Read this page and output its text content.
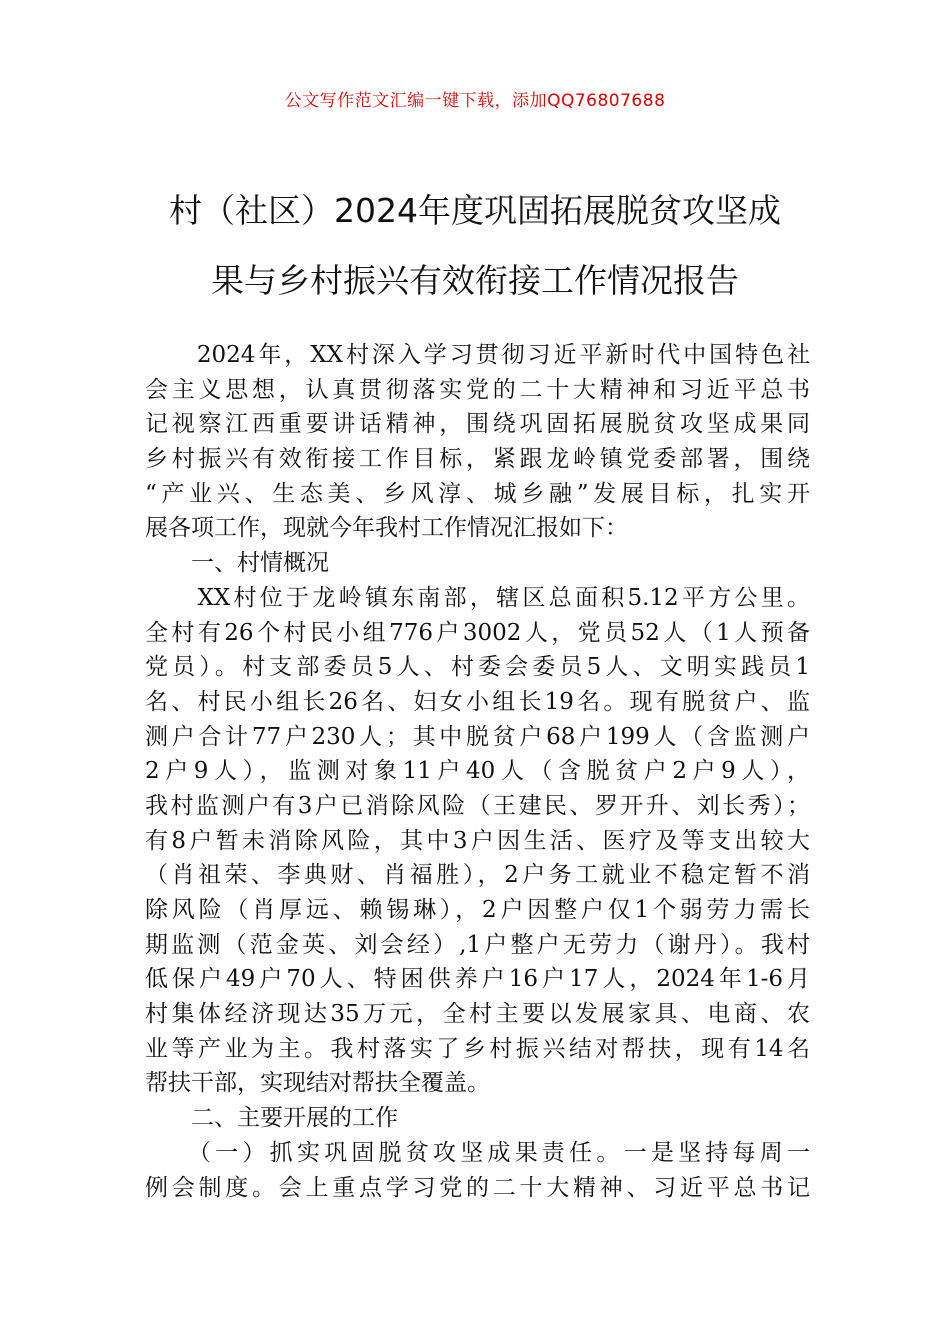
公文写作范文汇编一键下载，添加QQ76807688
村（社区）2024年度巩固拓展脱贫攻坚成
果与乡村振兴有效衔接工作情况报告
　　2024年，XX村深入学习贯彻习近平新时代中国特色社
会主义思想，认真贯彻落实党的二十大精神和习近平总书
记视察江西重要讲话精神，围绕巩固拓展脱贫攻坚成果同
乡村振兴有效衔接工作目标，紧跟龙岭镇党委部署，围绕
“产业兴、生态美、乡风淳、城乡融”发展目标，扎实开
展各项工作，现就今年我村工作情况汇报如下：
　　一、村情概况
　　XX村位于龙岭镇东南部，辖区总面积5.12平方公里。
全村有26个村民小组776户3002人，党员52人（1人预备
党员）。村支部委员5人、村委会委员5人、文明实践员1
名、村民小组长26名、妇女小组长19名。现有脱贫户、监
测户合计77户230人；其中脱贫户68户199人（含监测户
2户9人），监测对象11户40人（含脱贫户2户9人），
我村监测户有3户已消除风险（王建民、罗开升、刘长秀）；
有8户暂未消除风险，其中3户因生活、医疗及等支出较大
（肖祖荣、李典财、肖福胜），2户务工就业不稳定暂不消
除风险（肖厚远、赖锡琳），2户因整户仅1个弱劳力需长
期监测（范金英、刘会经）,1户整户无劳力（谢丹）。我村
低保户49户70人、特困供养户16户17人，2024年1-6月
村集体经济现达35万元，全村主要以发展家具、电商、农
业等产业为主。我村落实了乡村振兴结对帮扶，现有14名
帮扶干部，实现结对帮扶全覆盖。
　　二、主要开展的工作
　　（一）抓实巩固脱贫攻坚成果责任。一是坚持每周一
例会制度。会上重点学习党的二十大精神、习近平总书记
